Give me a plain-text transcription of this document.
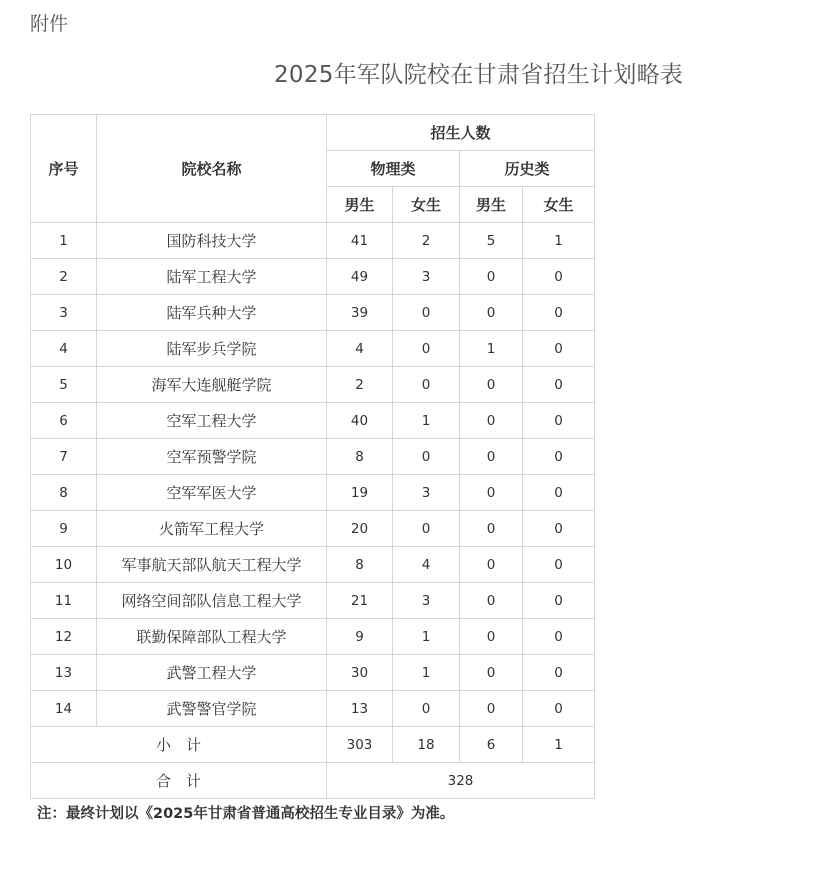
附件
2025年军队院校在甘肃省招生计划略表
序号	院校名称	招生人数			
		物理类		历史类	
		男生	女生	男生	女生
1	国防科技大学	41	2	5	1
2	陆军工程大学	49	3	0	0
3	陆军兵种大学	39	0	0	0
4	陆军步兵学院	4	0	1	0
5	海军大连舰艇学院	2	0	0	0
6	空军工程大学	40	1	0	0
7	空军预警学院	8	0	0	0
8	空军军医大学	19	3	0	0
9	火箭军工程大学	20	0	0	0
10	军事航天部队航天工程大学	8	4	0	0
11	网络空间部队信息工程大学	21	3	0	0
12	联勤保障部队工程大学	9	1	0	0
13	武警工程大学	30	1	0	0
14	武警警官学院	13	0	0	0
小　计		303	18	6	1
合　计		328			
注：最终计划以《2025年甘肃省普通高校招生专业目录》为准。
